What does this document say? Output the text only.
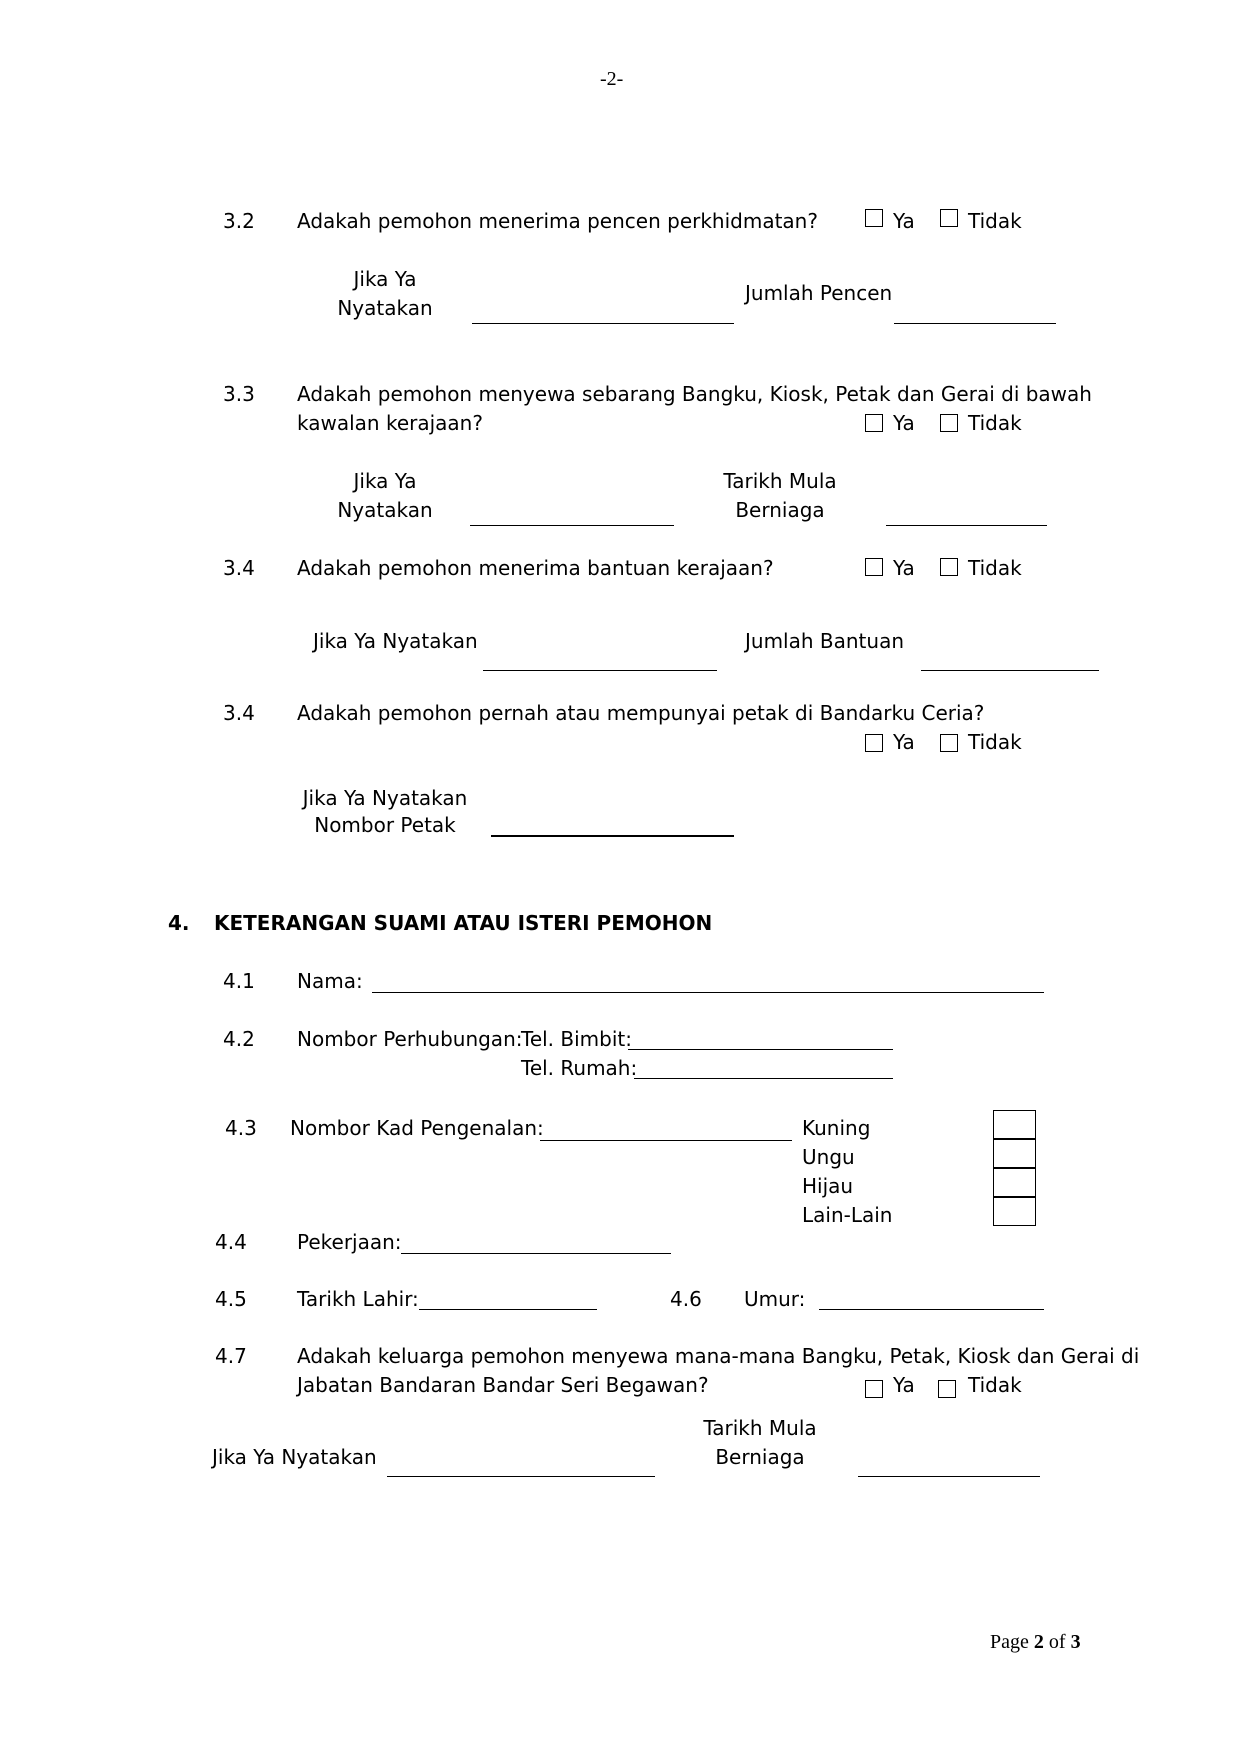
-2-
3.2 Adakah pemohon menerima pencen perkhidmatan?	Ya	Tidak
Jika Ya
Nyatakan
Jumlah Pencen
3.3 Adakah pemohon menyewa sebarang Bangku, Kiosk, Petak dan Gerai di bawah
kawalan kerajaan?	Ya	Tidak
Jika Ya
Nyatakan
Tarikh Mula
Berniaga
3.4 Adakah pemohon menerima bantuan kerajaan?	Ya	Tidak
Jika Ya Nyatakan	Jumlah Bantuan
3.4 Adakah pemohon pernah atau mempunyai petak di Bandarku Ceria?
Ya	Tidak
Jika Ya Nyatakan
Nombor Petak
4. KETERANGAN SUAMI ATAU ISTERI PEMOHON
4.1 Nama:
4.2 Nombor Perhubungan:
Tel. Bimbit:
Tel. Rumah:
4.3 Nombor Kad Pengenalan:	Kuning
Ungu
Hijau
Lain-Lain
4.4	Pekerjaan:
4.5	Tarikh Lahir:	4.6 Umur:
4.7	Adakah keluarga pemohon menyewa mana-mana Bangku, Petak, Kiosk dan Gerai di
Jabatan Bandaran Bandar Seri Begawan?	Ya	Tidak
Jika Ya Nyatakan
Tarikh Mula
Berniaga
Page 2 of 3
